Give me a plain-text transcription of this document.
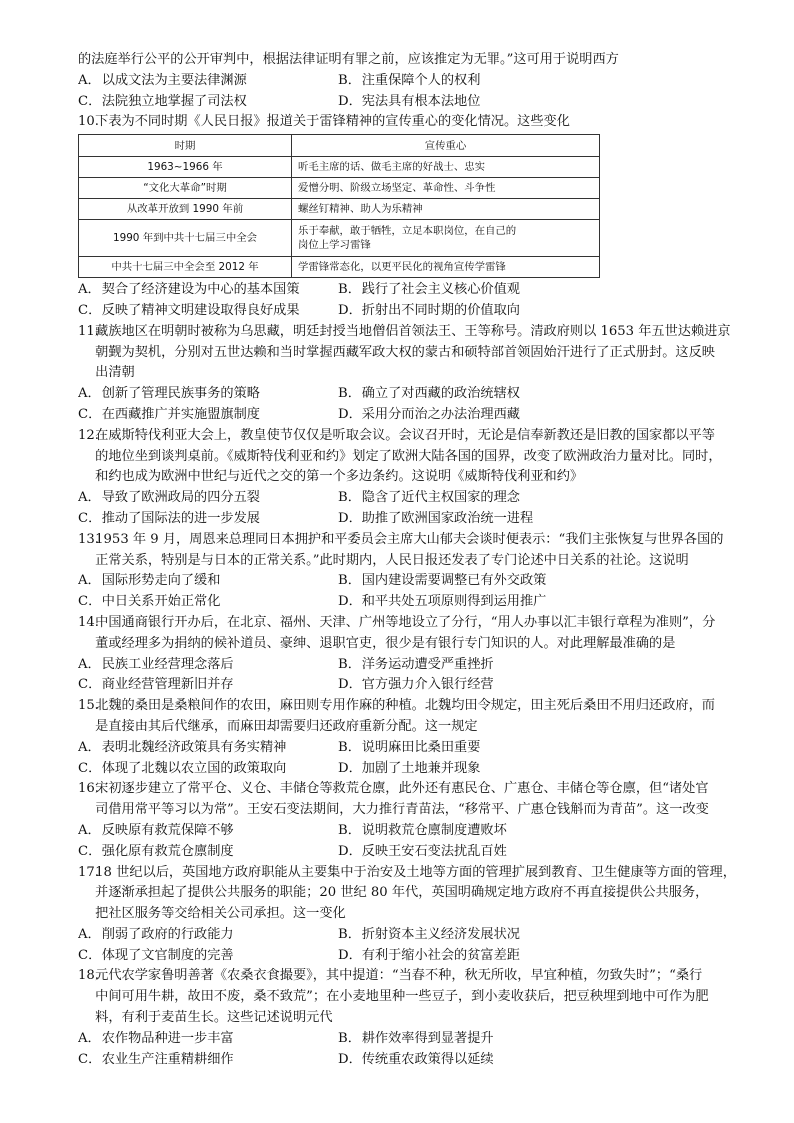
的法庭举行公平的公开审判中，根据法律证明有罪之前，应该推定为无罪。”这可用于说明西方
A．以成文法为主要法律渊源	B．注重保障个人的权利
C．法院独立地掌握了司法权	D．宪法具有根本法地位
10.下表为不同时期《人民日报》报道关于雷锋精神的宣传重心的变化情况。这些变化
时期	宣传重心
1963~1966 年	听毛主席的话、做毛主席的好战士、忠实
“文化大革命”时期	爱憎分明、阶级立场坚定、革命性、斗争性
从改革开放到 1990 年前	螺丝钉精神、助人为乐精神
1990 年到中共十七届三中全会	乐于奉献，敢于牺牲，立足本职岗位，在自己的
岗位上学习雷锋

中共十七届三中全会至 2012 年	学雷锋常态化，以更平民化的视角宣传学雷锋
A．契合了经济建设为中心的基本国策	B．践行了社会主义核心价值观
C．反映了精神文明建设取得良好成果	D．折射出不同时期的价值取向
11.藏族地区在明朝时被称为乌思藏，明廷封授当地僧侣首领法王、王等称号。清政府则以 1653 年五世达赖进京
朝觐为契机，分别对五世达赖和当时掌握西藏军政大权的蒙古和硕特部首领固始汗进行了正式册封。这反映
出清朝
A．创新了管理民族事务的策略	B．确立了对西藏的政治统辖权
C．在西藏推广并实施盟旗制度	D．采用分而治之办法治理西藏
12.在威斯特伐利亚大会上，教皇使节仅仅是听取会议。会议召开时，无论是信奉新教还是旧教的国家都以平等
的地位坐到谈判桌前。《威斯特伐利亚和约》划定了欧洲大陆各国的国界，改变了欧洲政治力量对比。同时，
和约也成为欧洲中世纪与近代之交的第一个多边条约。这说明《威斯特伐利亚和约》
A．导致了欧洲政局的四分五裂	B．隐含了近代主权国家的理念
C．推动了国际法的进一步发展	D．助推了欧洲国家政治统一进程
13.1953 年 9 月，周恩来总理同日本拥护和平委员会主席大山郁夫会谈时便表示：“我们主张恢复与世界各国的
正常关系，特别是与日本的正常关系。”此时期内，人民日报还发表了专门论述中日关系的社论。这说明
A．国际形势走向了缓和	B．国内建设需要调整已有外交政策
C．中日关系开始正常化	D．和平共处五项原则得到运用推广
14.中国通商银行开办后，在北京、福州、天津、广州等地设立了分行，“用人办事以汇丰银行章程为准则”，分
董或经理多为捐纳的候补道员、豪绅、退职官吏，很少是有银行专门知识的人。对此理解最准确的是
A．民族工业经营理念落后	B．洋务运动遭受严重挫折
C．商业经营管理新旧并存	D．官方强力介入银行经营
15.北魏的桑田是桑粮间作的农田，麻田则专用作麻的种植。北魏均田令规定，田主死后桑田不用归还政府，而
是直接由其后代继承，而麻田却需要归还政府重新分配。这一规定
A．表明北魏经济政策具有务实精神	B．说明麻田比桑田重要
C．体现了北魏以农立国的政策取向	D．加剧了土地兼并现象
16.宋初逐步建立了常平仓、义仓、丰储仓等救荒仓廪，此外还有惠民仓、广惠仓、丰储仓等仓廪，但“诸处官
司借用常平等习以为常”。王安石变法期间，大力推行青苗法，“移常平、广惠仓钱斛而为青苗”。这一改变
A．反映原有救荒保障不够	B．说明救荒仓廪制度遭败坏
C．强化原有救荒仓廪制度	D．反映王安石变法扰乱百姓
17.18 世纪以后，英国地方政府职能从主要集中于治安及土地等方面的管理扩展到教育、卫生健康等方面的管理，
并逐渐承担起了提供公共服务的职能；20 世纪 80 年代，英国明确规定地方政府不再直接提供公共服务，
把社区服务等交给相关公司承担。这一变化
A．削弱了政府的行政能力	B．折射资本主义经济发展状况
C．体现了文官制度的完善	D．有利于缩小社会的贫富差距
18.元代农学家鲁明善著《农桑衣食撮要》，其中提道：“当春不种，秋无所收，早宜种植，勿致失时”；“桑行
中间可用牛耕，故田不废，桑不致荒”；在小麦地里种一些豆子，到小麦收获后，把豆秧埋到地中可作为肥
料，有利于麦苗生长。这些记述说明元代
A．农作物品种进一步丰富	B．耕作效率得到显著提升
C．农业生产注重精耕细作	D．传统重农政策得以延续
